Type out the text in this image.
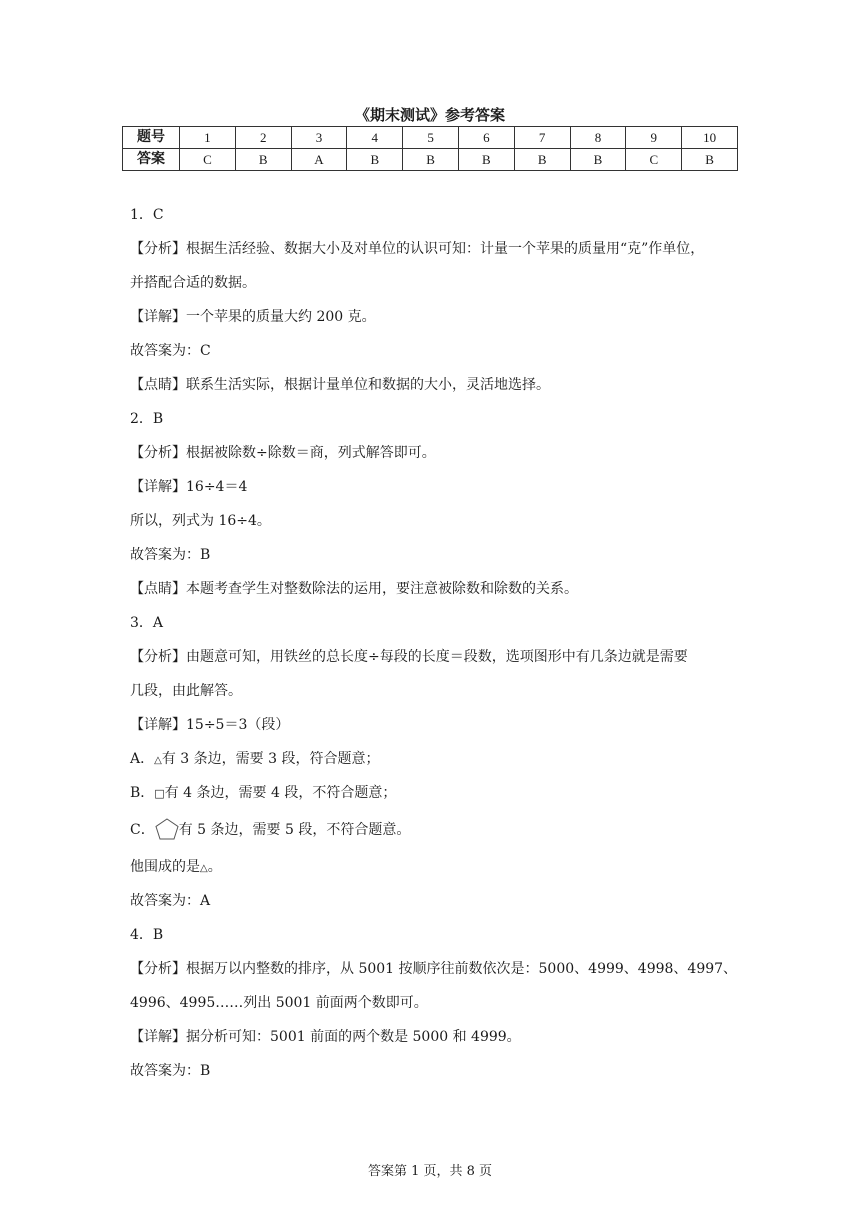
《期末测试》参考答案
题号	1	2	3	4	5	6	7	8	9	10
答案	C	B	A	B	B	B	B	B	C	B
1．C
【分析】根据生活经验、数据大小及对单位的认识可知：计量一个苹果的质量用“克”作单位，
并搭配合适的数据。
【详解】一个苹果的质量大约 200 克。
故答案为：C
【点睛】联系生活实际，根据计量单位和数据的大小，灵活地选择。
2．B
【分析】根据被除数÷除数＝商，列式解答即可。
【详解】16÷4＝4
所以，列式为 16÷4。
故答案为：B
【点睛】本题考查学生对整数除法的运用，要注意被除数和除数的关系。
3．A
【分析】由题意可知，用铁丝的总长度÷每段的长度＝段数，选项图形中有几条边就是需要
几段，由此解答。
【详解】15÷5＝3（段）
A．△有 3 条边，需要 3 段，符合题意；
B．□有 4 条边，需要 4 段，不符合题意；
C． 有 5 条边，需要 5 段，不符合题意。
他围成的是△。
故答案为：A
4．B
【分析】根据万以内整数的排序，从 5001 按顺序往前数依次是：5000、4999、4998、4997、
4996、4995……列出 5001 前面两个数即可。
【详解】据分析可知：5001 前面的两个数是 5000 和 4999。
故答案为：B
答案第 1 页，共 8 页
